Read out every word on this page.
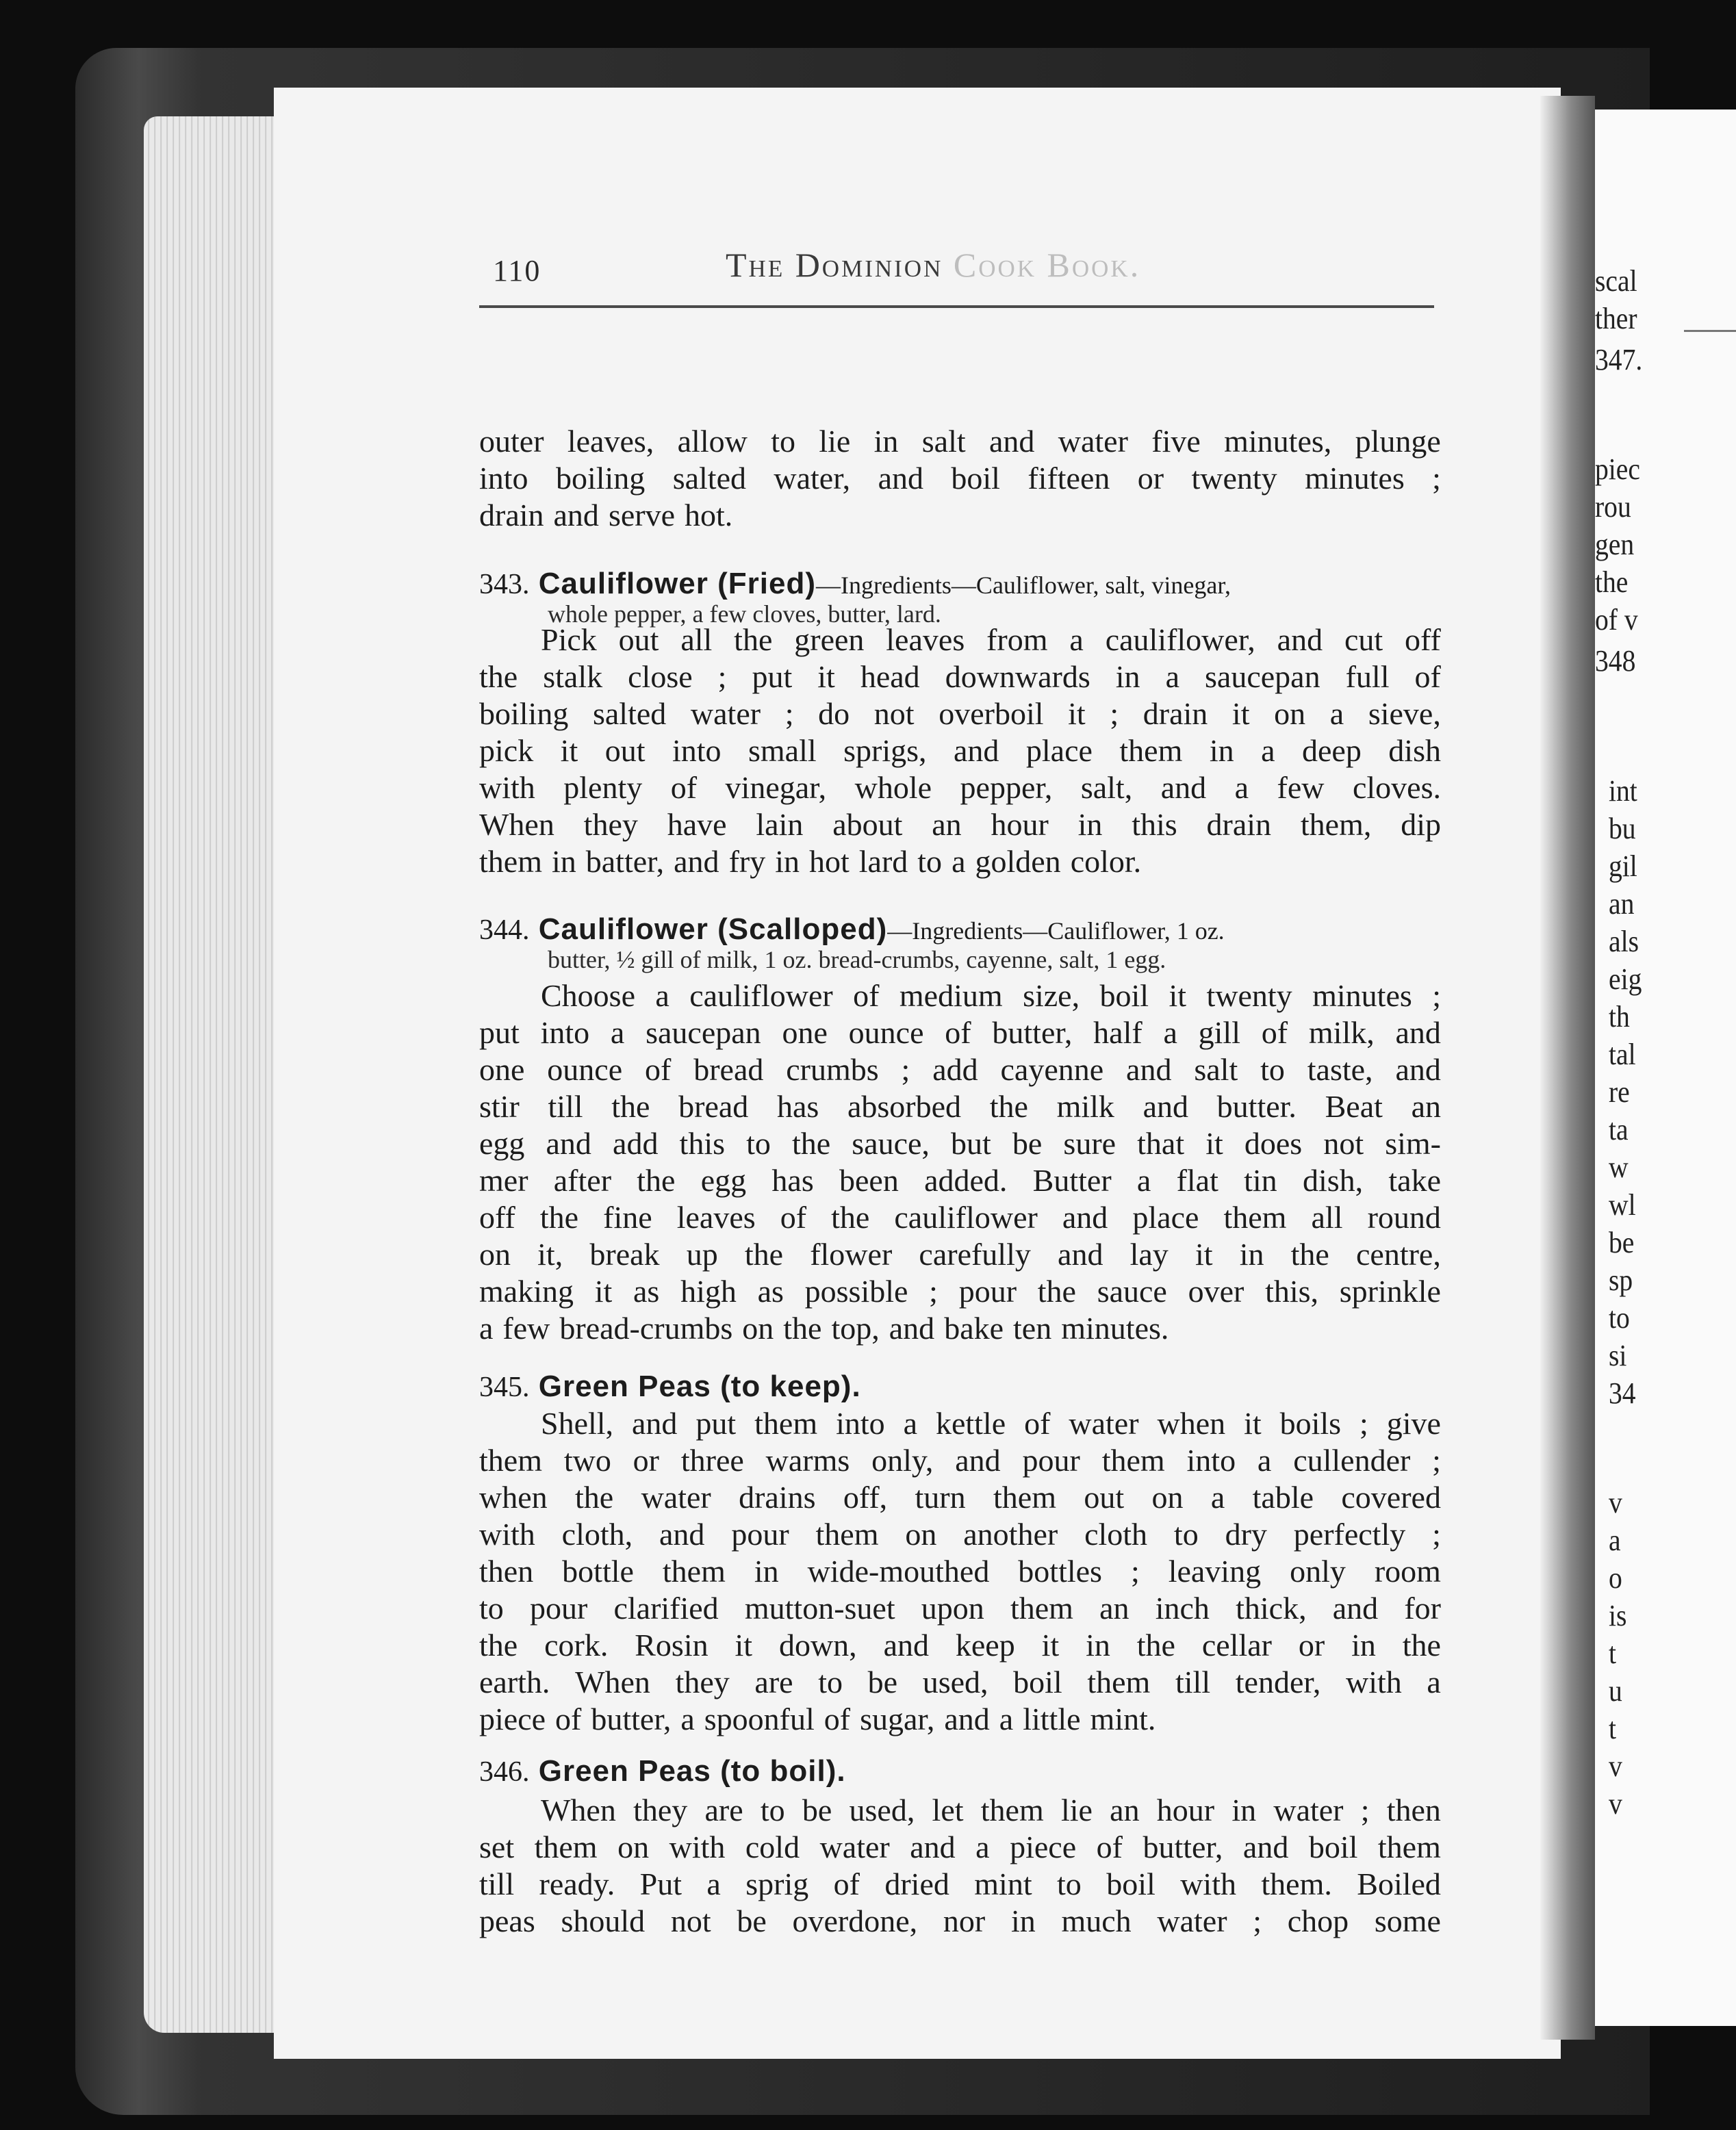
110	The Dominion Cook Book.
outer leaves, allow to lie in salt and water five minutes, plunge
into boiling salted water, and boil fifteen or twenty minutes ;
drain and serve hot.
343. Cauliflower (Fried)—Ingredients—Cauliflower, salt, vinegar,
whole pepper, a few cloves, butter, lard.
Pick out all the green leaves from a cauliflower, and cut off
the stalk close ; put it head downwards in a saucepan full of
boiling salted water ; do not overboil it ; drain it on a sieve,
pick it out into small sprigs, and place them in a deep dish
with plenty of vinegar, whole pepper, salt, and a few cloves.
When they have lain about an hour in this drain them, dip
them in batter, and fry in hot lard to a golden color.
344. Cauliflower (Scalloped)—Ingredients—Cauliflower, 1 oz.
butter, ½ gill of milk, 1 oz. bread-crumbs, cayenne, salt, 1 egg.
Choose a cauliflower of medium size, boil it twenty minutes ;
put into a saucepan one ounce of butter, half a gill of milk, and
one ounce of bread crumbs ; add cayenne and salt to taste, and
stir till the bread has absorbed the milk and butter. Beat an
egg and add this to the sauce, but be sure that it does not sim-
mer after the egg has been added. Butter a flat tin dish, take
off the fine leaves of the cauliflower and place them all round
on it, break up the flower carefully and lay it in the centre,
making it as high as possible ; pour the sauce over this, sprinkle
a few bread-crumbs on the top, and bake ten minutes.
345. Green Peas (to keep).
Shell, and put them into a kettle of water when it boils ; give
them two or three warms only, and pour them into a cullender ;
when the water drains off, turn them out on a table covered
with cloth, and pour them on another cloth to dry perfectly ;
then bottle them in wide-mouthed bottles ; leaving only room
to pour clarified mutton-suet upon them an inch thick, and for
the cork. Rosin it down, and keep it in the cellar or in the
earth. When they are to be used, boil them till tender, with a
piece of butter, a spoonful of sugar, and a little mint.
346. Green Peas (to boil).
When they are to be used, let them lie an hour in water ; then
set them on with cold water and a piece of butter, and boil them
till ready. Put a sprig of dried mint to boil with them. Boiled
peas should not be overdone, nor in much water ; chop some
scal
ther
347.
piec
rou
gen
the
of v
348
int
bu
gil
an
als
eig
th
tal
re
ta
w
wl
be
sp
to
si
34
v
a
o
is
t
u
t
v
v
